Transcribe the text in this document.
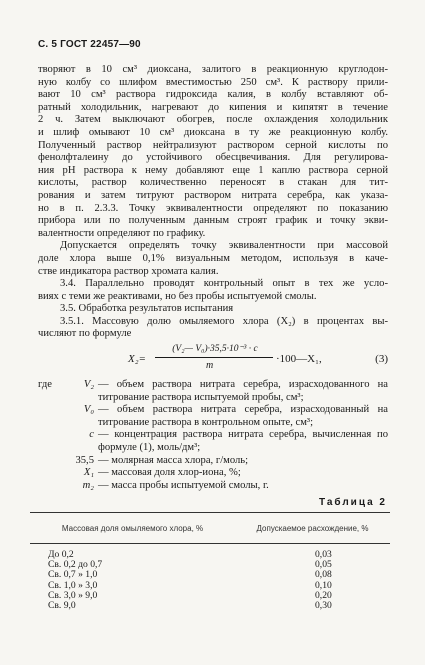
С. 5 ГОСТ 22457—90

творяют в 10 см³ диоксана, залитого в реакционную круглодон-
ную колбу со шлифом вместимостью 250 см³. К раствору прили-
вают 10 см³ раствора гидроксида калия, в колбу вставляют об-
ратный холодильник, нагревают до кипения и кипятят в течение
2 ч. Затем выключают обогрев, после охлаждения холодильник
и шлиф омывают 10 см³ диоксана в ту же реакционную колбу.
Полученный раствор нейтрализуют раствором серной кислоты по
фенолфталеину до устойчивого обесцвечивания. Для регулирова-
ния pH раствора к нему добавляют еще 1 каплю раствора серной
кислоты, раствор количественно переносят в стакан для тит-
рования и затем титруют раствором нитрата серебра, как указа-
но в п. 2.3.3. Точку эквивалентности определяют по показанию
прибора или по полученным данным строят график и точку экви-
валентности определяют по графику.

Допускается определять точку эквивалентности при массовой
доле хлора выше 0,1% визуальным методом, используя в каче-
стве индикатора раствор хромата калия.

3.4. Параллельно проводят контрольный опыт в тех же усло-
виях с теми же реактивами, но без пробы испытуемой смолы.

3.5. Обработка результатов испытания

3.5.1. Массовую долю омыляемого хлора (X₂) в процентах вы-
числяют по формуле

X₂=
(V₂— V₀)·35,5·10⁻³ · c
m
·100—X₁,	(3)
где	V₂ — объем раствора нитрата серебра, израсходованного на титрование раствора испытуемой пробы, см³;
V₀ — объем раствора нитрата серебра, израсходованный на титрование раствора в контрольном опыте, см³;
c — концентрация раствора нитрата серебра, вычисленная по формуле (1), моль/дм³;
35,5 — молярная масса хлора, г/моль;
X₁ — массовая доля хлор-иона, %;
m₂ — масса пробы испытуемой смолы, г.
Таблица 2
Массовая доля омыляемого хлора, %	Допускаемое расхождение, %
До 0,2	0,03
Св. 0,2 до 0,7	0,05
Св. 0,7 » 1,0	0,08
Св. 1,0 » 3,0	0,10
Св. 3,0 » 9,0	0,20
Св. 9,0	0,30
